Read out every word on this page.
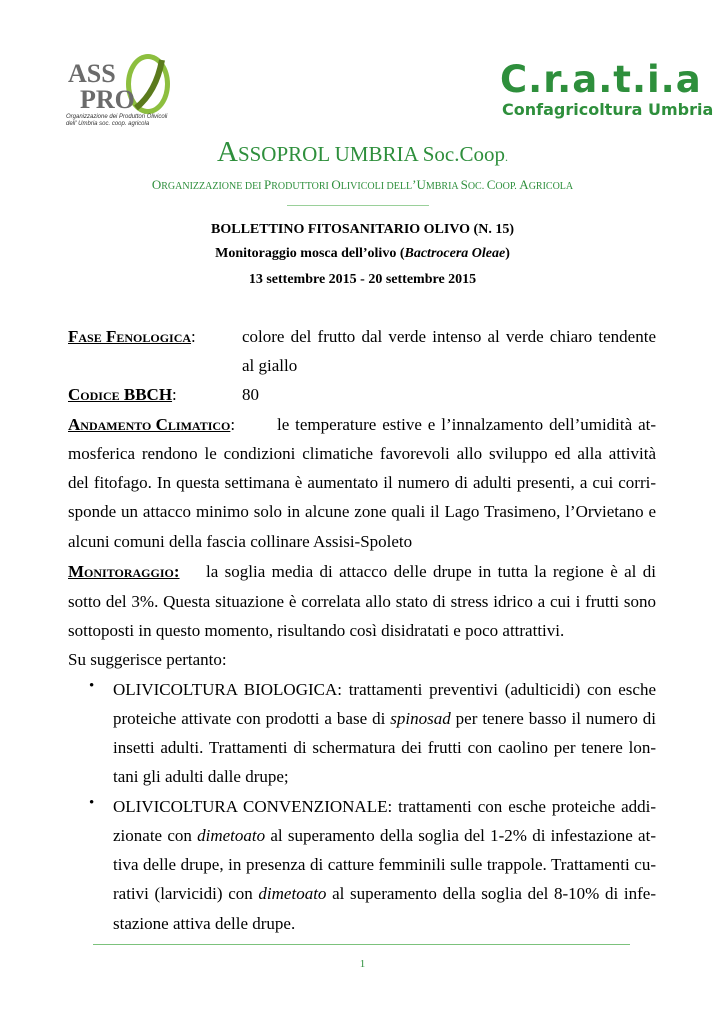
ASS
PRO
Organizzazione dei Produttori Olivicoli
dell' Umbria soc. coop. agricola
C.r.a.t.i.a
Confagricoltura Umbria
ASSOPROL UMBRIA Soc.Coop.
ORGANIZZAZIONE DEI PRODUTTORI OLIVICOLI DELL’UMBRIA SOC. COOP. AGRICOLA
BOLLETTINO FITOSANITARIO OLIVO (N. 15)
Monitoraggio mosca dell’olivo (Bactrocera Oleae)
13 settembre 2015 - 20 settembre 2015
Fase Fenologica:	colore del frutto dal verde intenso al verde chiaro tendente
al giallo
Codice BBCH:	80
Andamento Climatico: le temperature estive e l’innalzamento dell’umidità at-
mosferica rendono le condizioni climatiche favorevoli allo sviluppo ed alla attività
del fitofago. In questa settimana è aumentato il numero di adulti presenti, a cui corri-
sponde un attacco minimo solo in alcune zone quali il Lago Trasimeno, l’Orvietano e
alcuni comuni della fascia collinare Assisi-Spoleto
Monitoraggio: la soglia media di attacco delle drupe in tutta la regione è al di
sotto del 3%. Questa situazione è correlata allo stato di stress idrico a cui i frutti sono
sottoposti in questo momento, risultando così disidratati e poco attrattivi.
Su suggerisce pertanto:
• OLIVICOLTURA BIOLOGICA: trattamenti preventivi (adulticidi) con esche
proteiche attivate con prodotti a base di spinosad per tenere basso il numero di
insetti adulti. Trattamenti di schermatura dei frutti con caolino per tenere lon-
tani gli adulti dalle drupe;
• OLIVICOLTURA CONVENZIONALE: trattamenti con esche proteiche addi-
zionate con dimetoato al superamento della soglia del 1-2% di infestazione at-
tiva delle drupe, in presenza di catture femminili sulle trappole. Trattamenti cu-
rativi (larvicidi) con dimetoato al superamento della soglia del 8-10% di infe-
stazione attiva delle drupe.
1
